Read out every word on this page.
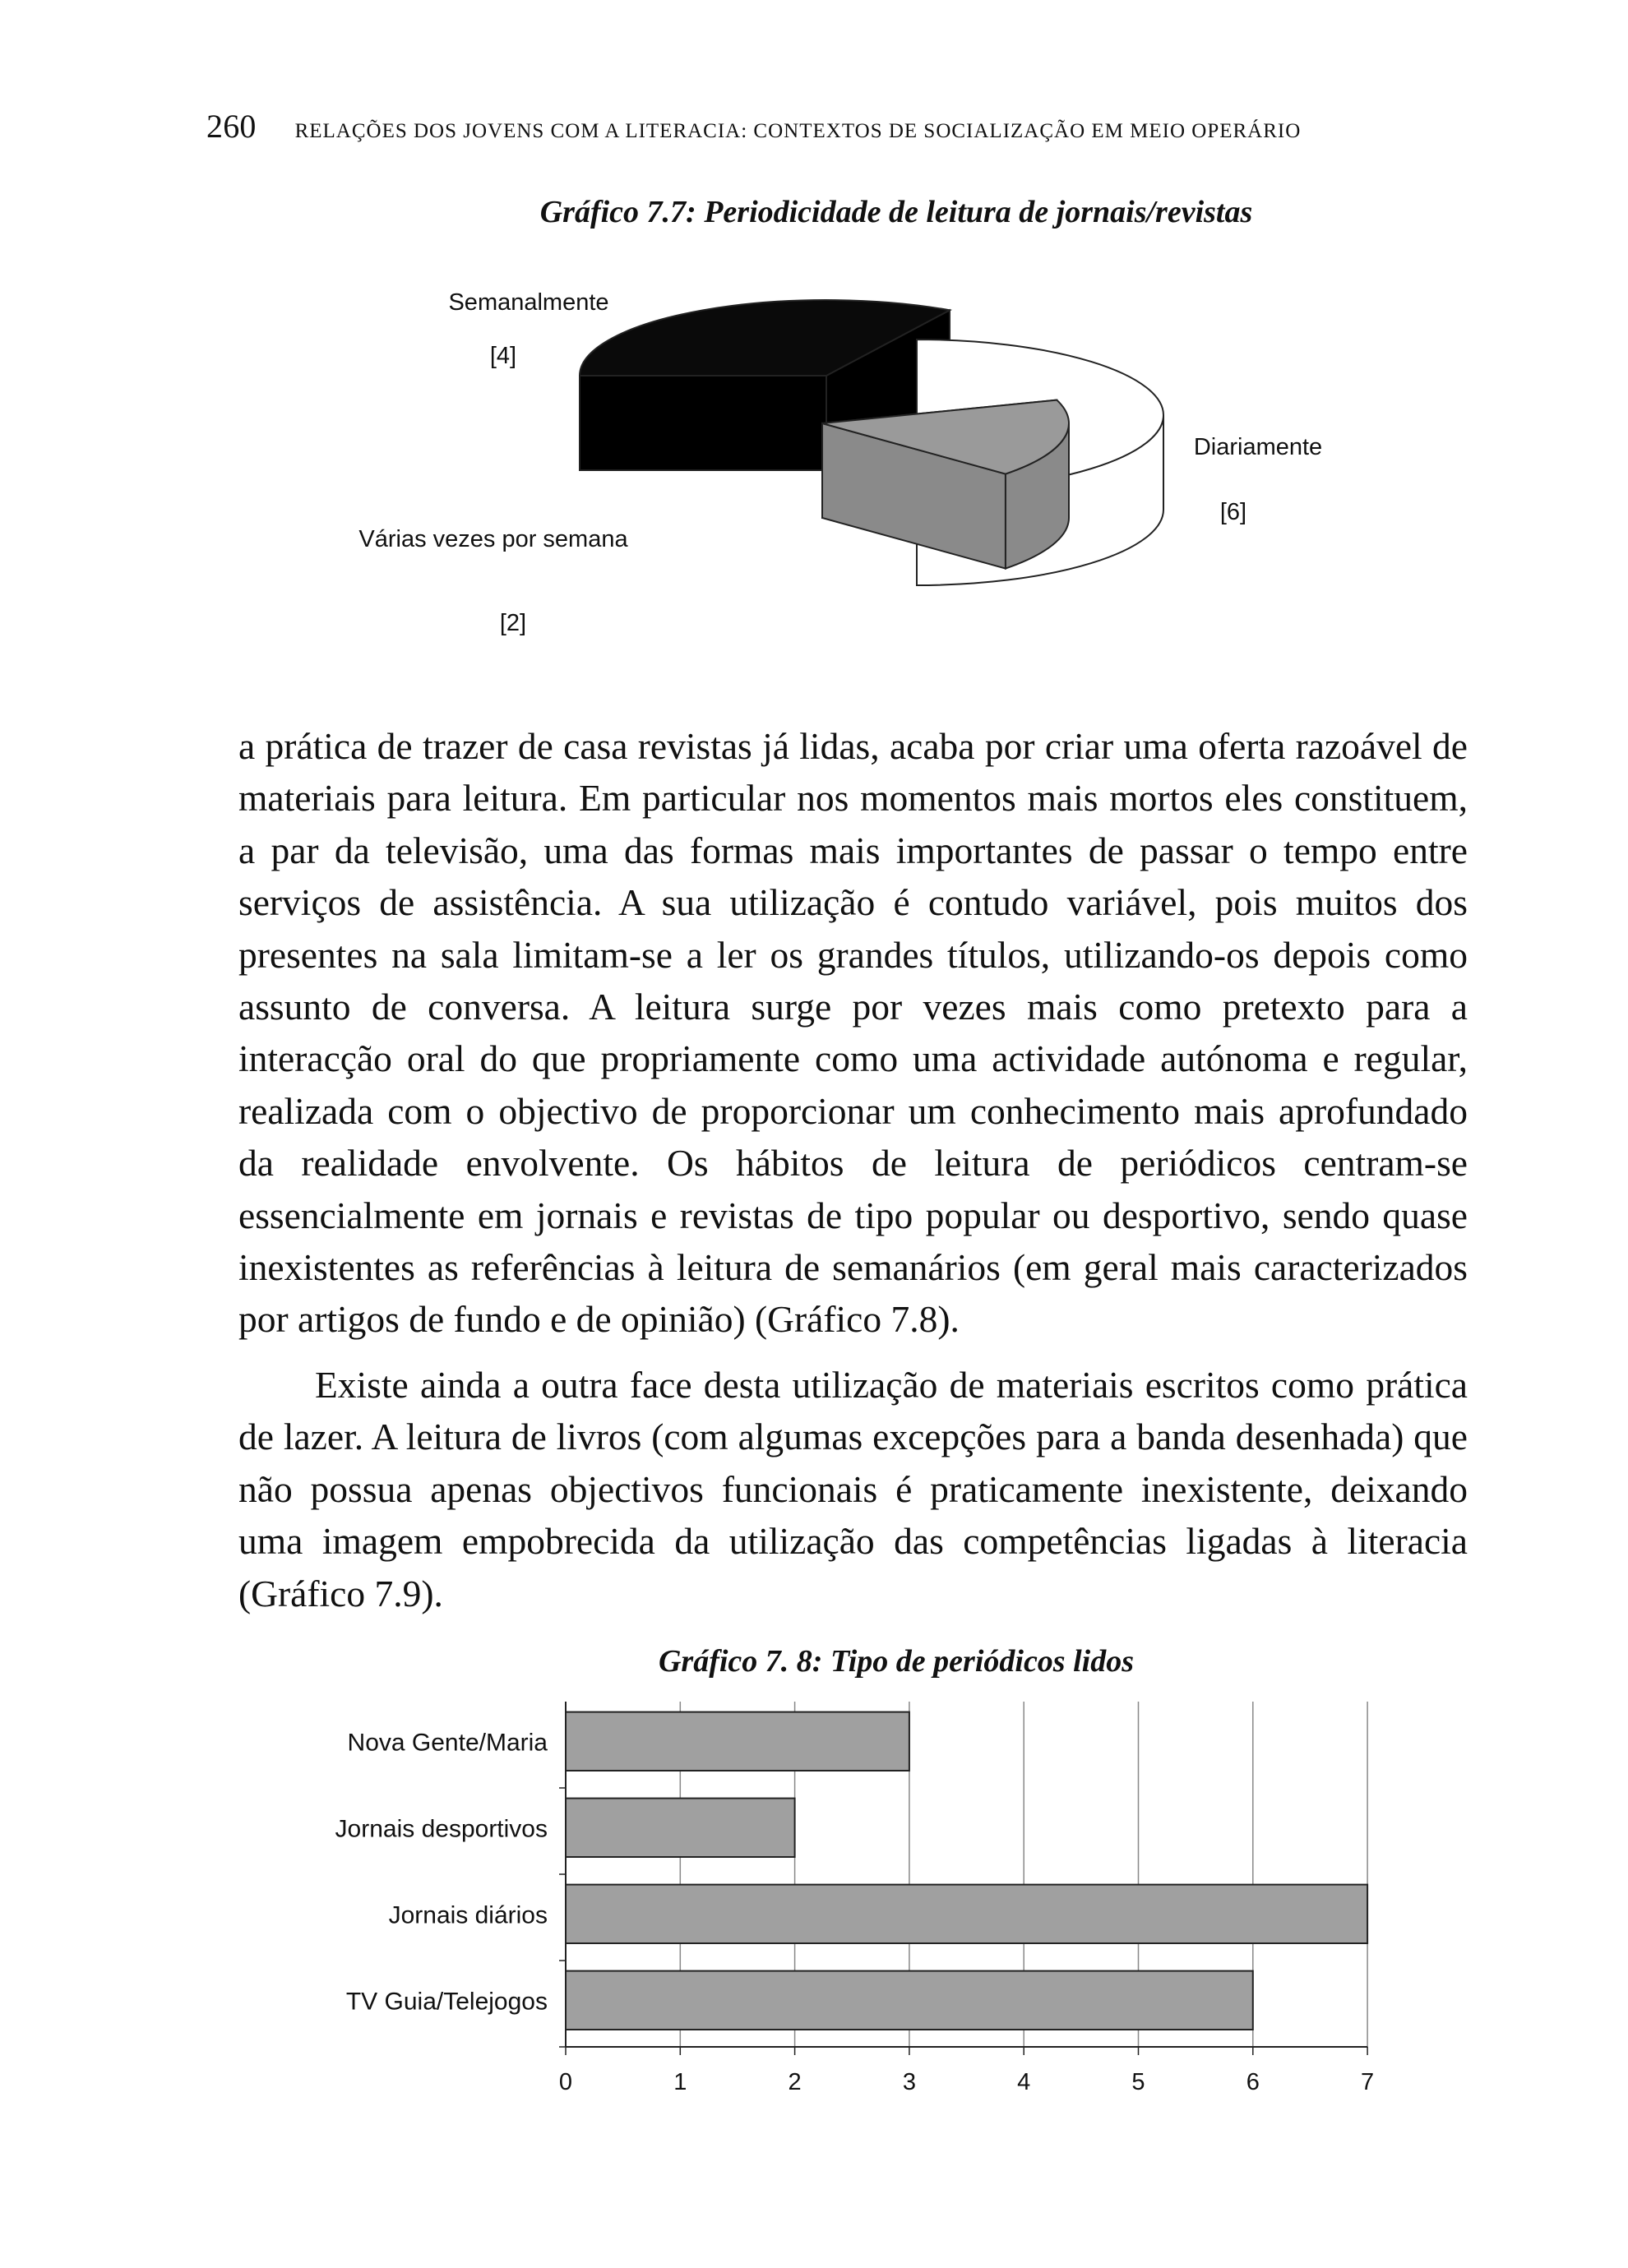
260 RELAÇÕES DOS JOVENS COM A LITERACIA: CONTEXTOS DE SOCIALIZAÇÃO EM MEIO OPERÁRIO
Gráfico 7.7: Periodicidade de leitura de jornais/revistas
Semanalmente
[4]
Diariamente
[6]
Várias vezes por semana
[2]

a prática de trazer de casa revistas já lidas, acaba por criar uma oferta razoável de materiais para leitura. Em particular nos momentos mais mortos eles constituem, a par da televisão, uma das formas mais importantes de passar o tempo entre serviços de assistência. A sua utilização é contudo variável, pois muitos dos presentes na sala limitam-se a ler os grandes títulos, utilizando-os depois como assunto de conversa. A leitura surge por vezes mais como pretexto para a interacção oral do que propriamente como uma actividade autónoma e regular, realizada com o objectivo de proporcionar um conhecimento mais aprofundado da realidade envolvente. Os hábitos de leitura de periódicos centram-se essencialmente em jornais e revistas de tipo popular ou desportivo, sendo quase inexistentes as referências à leitura de semanários (em geral mais caracterizados por artigos de fundo e de opinião) (Gráfico 7.8).

Existe ainda a outra face desta utilização de materiais escritos como prática de lazer. A leitura de livros (com algumas excepções para a banda desenhada) que não possua apenas objectivos funcionais é praticamente inexistente, deixando uma imagem empobrecida da utilização das competências ligadas à literacia (Gráfico 7.9).

Gráfico 7. 8: Tipo de periódicos lidos
Nova Gente/Maria
Jornais desportivos
Jornais diários
TV Guia/Telejogos
0	1	2	3	4	5	6	7
